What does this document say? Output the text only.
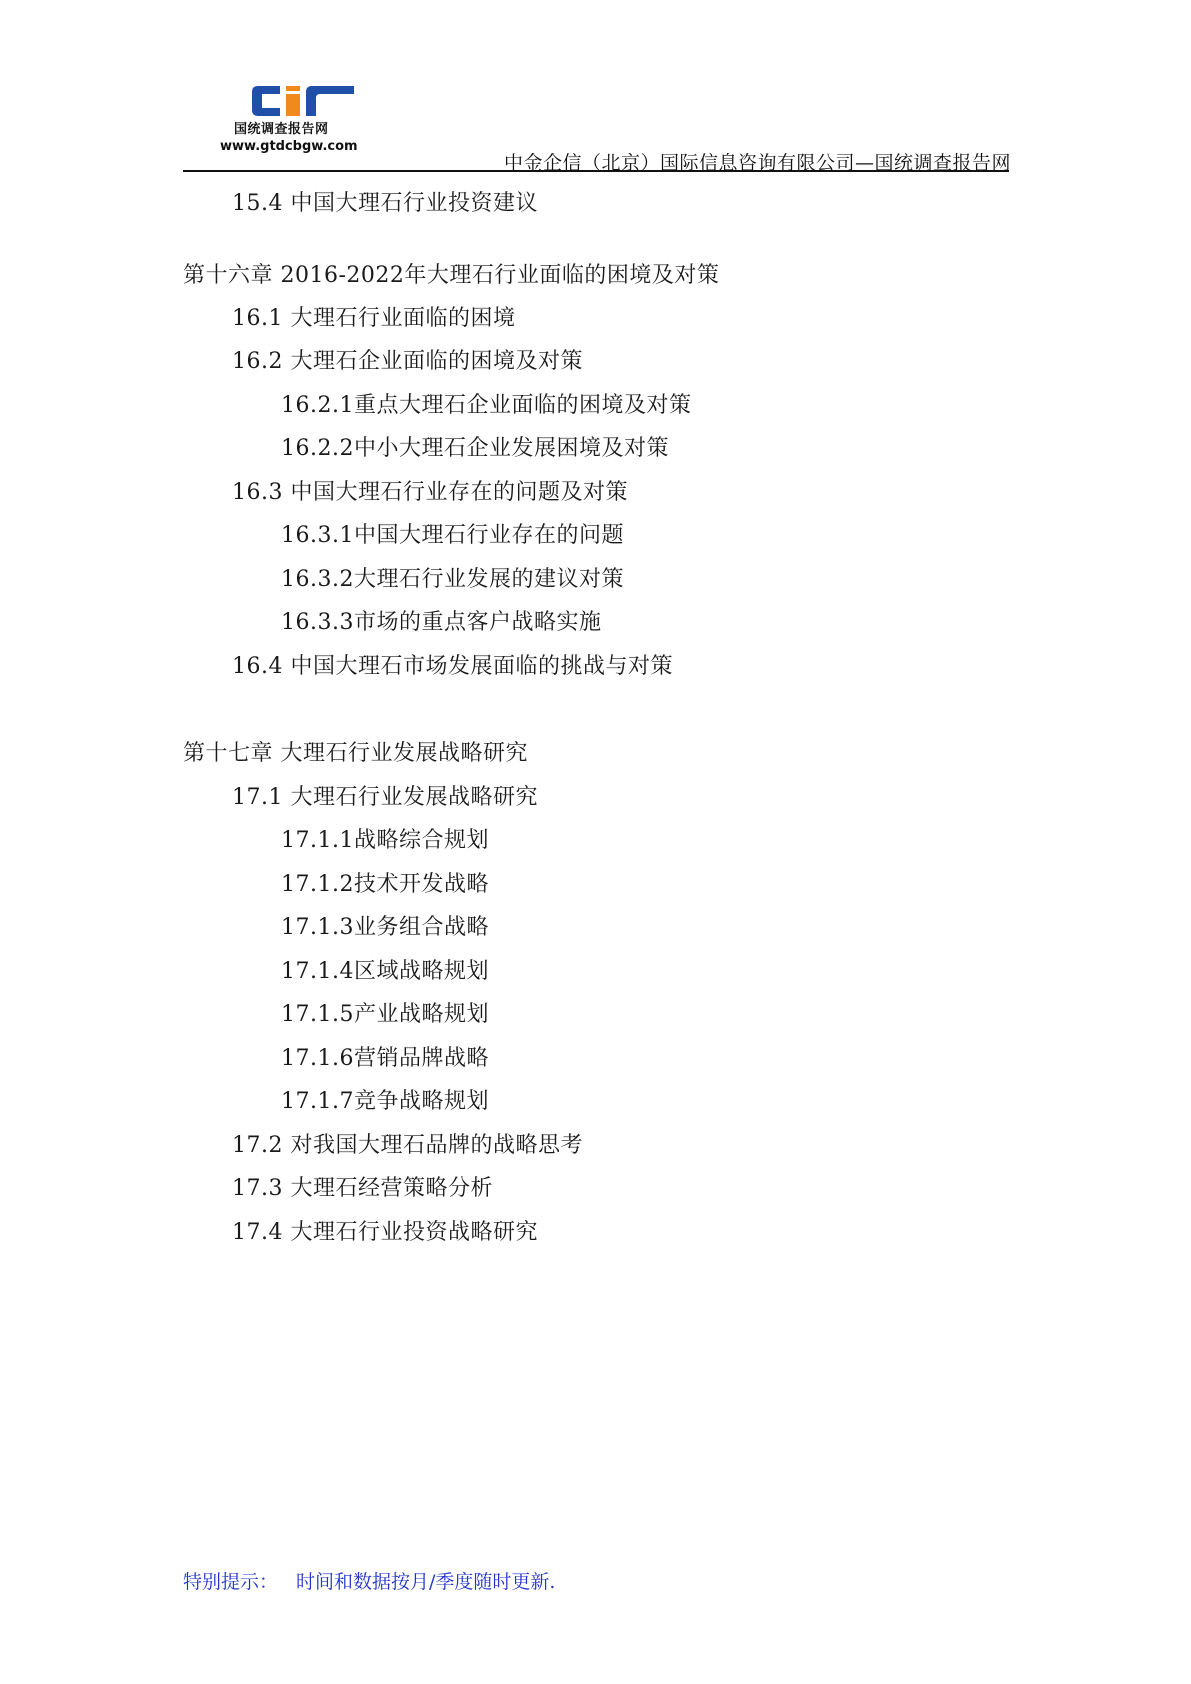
国统调查报告网
www.gtdcbgw.com
中金企信（北京）国际信息咨询有限公司—国统调查报告网
15.4 中国大理石行业投资建议
第十六章 2016-2022年大理石行业面临的困境及对策
16.1 大理石行业面临的困境
16.2 大理石企业面临的困境及对策
16.2.1重点大理石企业面临的困境及对策
16.2.2中小大理石企业发展困境及对策
16.3 中国大理石行业存在的问题及对策
16.3.1中国大理石行业存在的问题
16.3.2大理石行业发展的建议对策
16.3.3市场的重点客户战略实施
16.4 中国大理石市场发展面临的挑战与对策
第十七章 大理石行业发展战略研究
17.1 大理石行业发展战略研究
17.1.1战略综合规划
17.1.2技术开发战略
17.1.3业务组合战略
17.1.4区域战略规划
17.1.5产业战略规划
17.1.6营销品牌战略
17.1.7竞争战略规划
17.2 对我国大理石品牌的战略思考
17.3 大理石经营策略分析
17.4 大理石行业投资战略研究
特别提示： 时间和数据按月/季度随时更新.
